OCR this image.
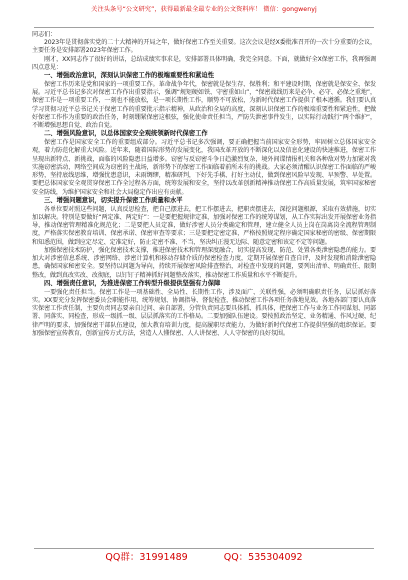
关注头条号“公文研究”，获得最新最全最专业的公文资料库！ 微信：gongwenyj

同志们：

2023年是贯彻落实党的二十大精神的开局之年，做好保密工作至关重要。这次会议是经X委批准召开的一次十分重要的会议，主要任务是安排部署2023年保密工作。

刚才，XX同志作了很好的讲话，总结成绩实事求是，安排部署具体明确，我完全同意。下面，就做好全X保密工作，我再强调四点意见：

一、增强政治意识，深刻认识保密工作的极端重要性和紧迫性

保密工作历来是党和国家的一项重要工作。革命战争年代，保密就是保生存、保胜利；和平建设时期，保密就是保安全、保发展。习近平总书记多次对保密工作作出重要指示，强调“规矩硬如铁、守密重如山”，“保密战线历来是必争、必守、必保之重地”，保密工作是一项重要工作，一刻也不能放松，是一项长期性工作，顺势不可放松，为新时代保密工作提供了根本遵循。我们要认真学习贯彻习近平总书记关于保密工作的重要批示指示精神，从政治和全局的高度，深刻认识保密工作的极端重要性和紧迫性，把做好保密工作作为重要的政治任务，时刻绷紧保密这根弦，强化使命责任担当，严防失泄密事件发生，以实际行动践行“两个维护”，不断增强思想自觉、政治自觉。

二、增强风险意识，以总体国家安全观统领新时代保密工作

保密工作是国家安全工作的重要组成部分。习近平总书记多次强调，要正确把握当前国家安全形势，牢固树立总体国家安全观，着力防范化解重大风险。近年来，随着国际形势的发展变化，我国改革开放的不断深化以及信息化建设的快速推进，保密工作呈现出新特点、新挑战，面临的风险隐患日益增多。窃密与反窃密斗争日趋激烈复杂，境外间谍情报机关和各种敌对势力加紧对我实施窃密活动，网络空间成为窃密的主战场，新形势下的保密工作面临着前所未有的挑战。大家必须清醒认识保密工作面临的严峻形势，坚持底线思维，增强忧患意识，未雨绸缪，精准研判，下好先手棋、打好主动仗，做到保密风险早发现、早预警、早处置。要把总体国家安全观贯穿保密工作全过程各方面，统筹发展和安全，坚持以改革创新精神推动保密工作高质量发展，筑牢国家秘密安全防线，为维护国家安全和社会大局稳定作出应有贡献。

三、增强问题意识，切实提升保密工作质量和水平

各单位要对照这些问题，认真反思检查，把自己摆进去，把工作摆进去，把职责摆进去，深挖问题根源，采取有效措施，切实加以解决。特别是要做好“两定准、两定好”：一是要把握规律定准，加强对保密工作的统筹谋划，从工作实际出发开展保密业务指导，推动保密管理精准化规范化；二是要把人员定准，做好涉密人员分类确定和管理，建立健全人员上岗在岗离岗全流程管理制度，严格落实保密教育培训、保密承诺、保密审查等要求；三是要把定密定准，严格按照规定程序确定国家秘密的密级、保密期限和知悉范围，做到应定尽定、定准定好，防止定密不准、不当，坚决纠正漫无边际、随意定密和该定不定等问题。

加强保密技术防护，强化保密技术支撑，推进保密技术和管理深度融合，切实提高发现、防范、处置各类泄密隐患的能力。要加大对涉密信息系统、涉密网络、涉密计算机和移动存储介质的保密检查力度，定期开展保密自查自评，及时发现和消除泄密隐患，确保国家秘密安全。要坚持以问题为导向，持续开展保密风险排查整治，对检查中发现的问题，要列出清单、明确责任、限期整改，做到真改实改、改彻底，以钉钉子精神抓好问题整改落实，推动保密工作质量和水平不断提升。

四、增强责任意识，为推进保密工作转型升级提供坚强有力保障

一要强化责任担当。保密工作是一项基础性、全局性、长期性工作，涉及面广、关联性强，必须明确职责任务，层层抓好落实。XX要充分发挥保密委员会职能作用，统筹规划、协调指导、督促检查，推动保密工作各项任务落地见效。各地各部门要认真落实保密工作责任制，主要负责同志要亲自过问、亲自部署，分管负责同志要具体抓、抓具体，把保密工作与业务工作同谋划、同部署、同落实、同检查，形成一级抓一级、层层抓落实的工作格局。二要加强队伍建设。要按照政治坚定、业务精通、作风过硬、纪律严明的要求，加强保密干部队伍建设，加大教育培训力度，提高履职尽责能力，为做好新时代保密工作提供坚强的组织保证。要加强保密宣传教育，创新宣传方式方法，营造人人懂保密、人人讲保密、人人守保密的良好氛围。

QQ群：31991489	QQ：535304092
